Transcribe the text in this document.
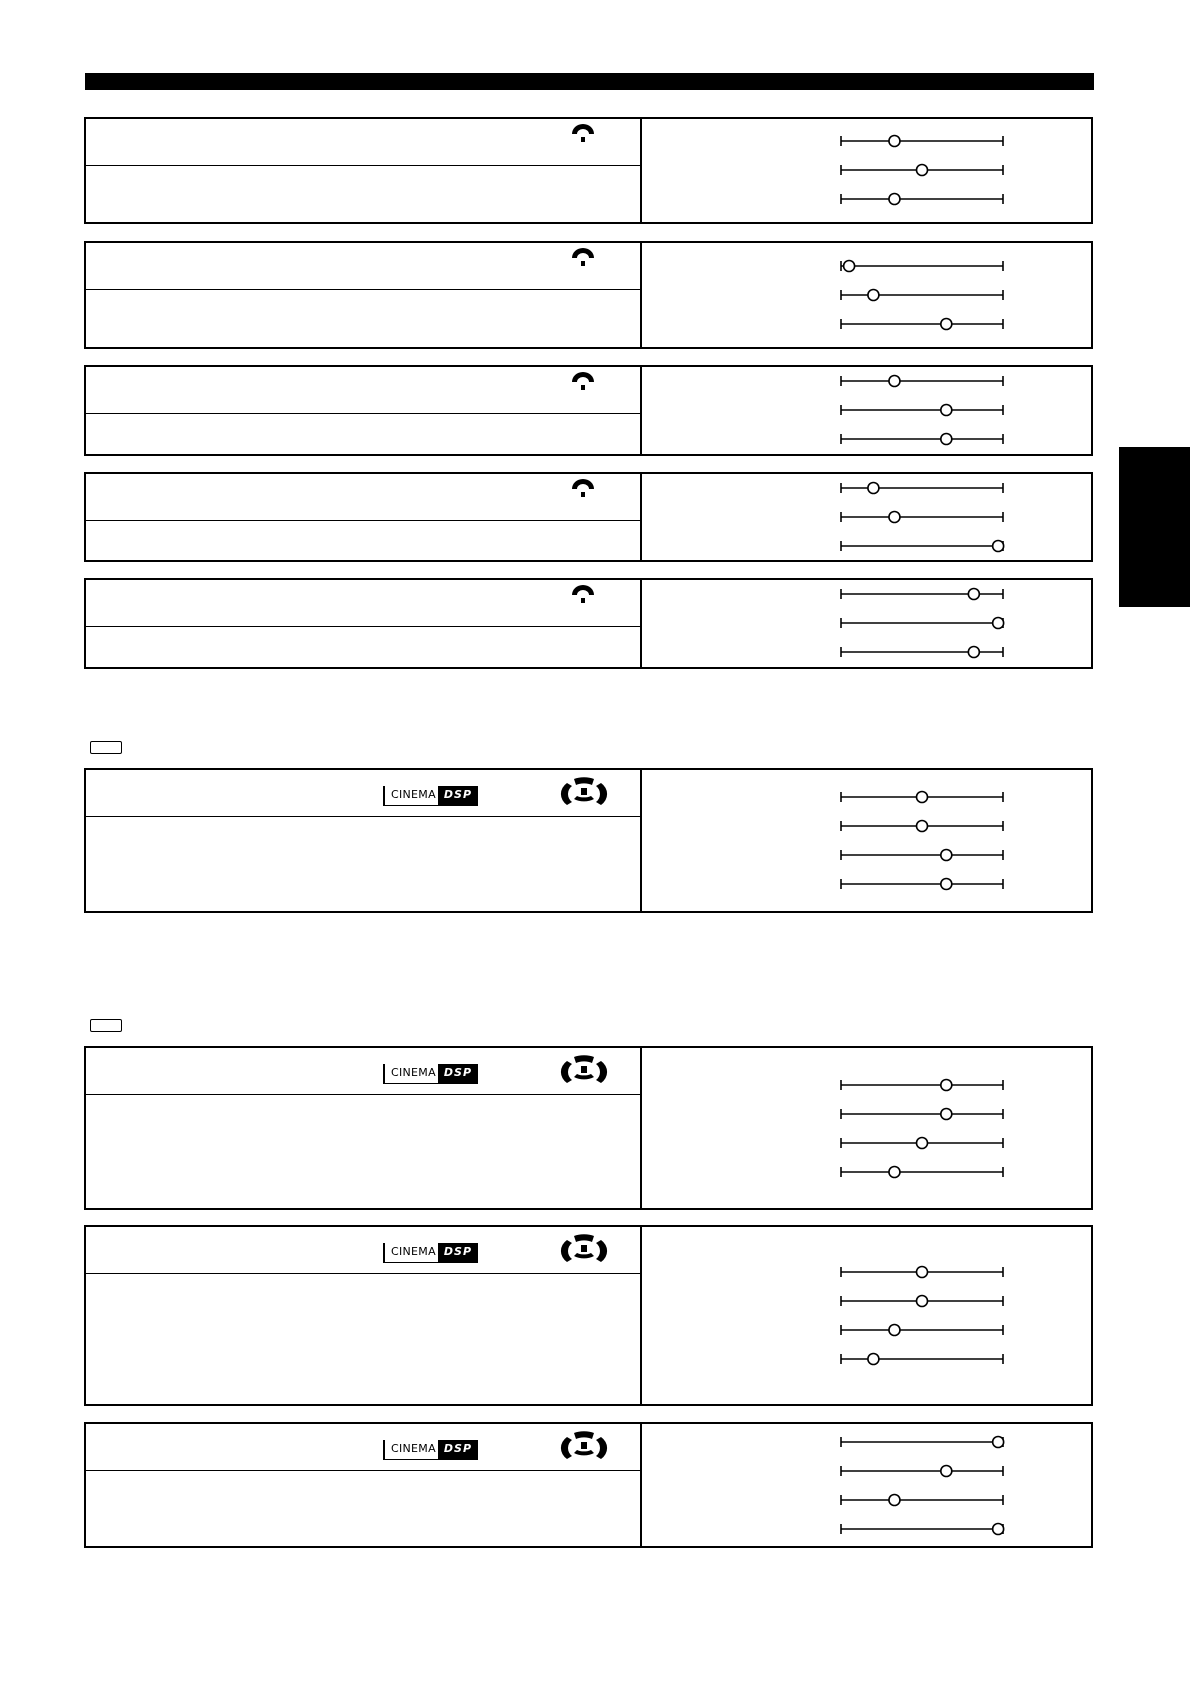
CINEMA DSP
CINEMA DSP
CINEMA DSP
CINEMA DSP
